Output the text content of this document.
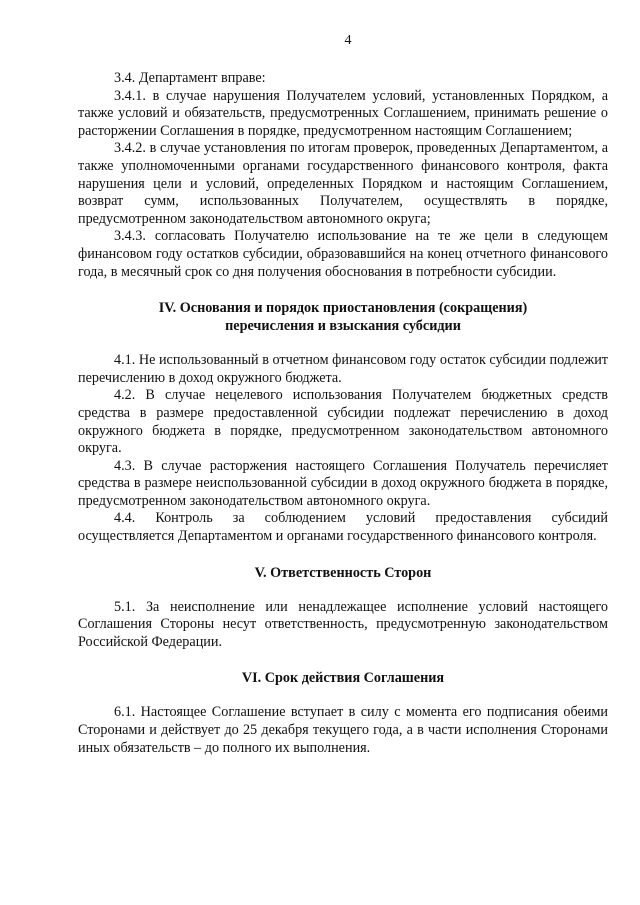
4

3.4. Департамент вправе:

3.4.1. в случае нарушения Получателем условий, установленных Порядком, а также условий и обязательств, предусмотренных Соглашением, принимать решение о расторжении Соглашения в порядке, предусмотренном настоящим Соглашением;

3.4.2. в случае установления по итогам проверок, проведенных Департаментом, а также уполномоченными органами государственного финансового контроля, факта нарушения цели и условий, определенных Порядком и настоящим Соглашением, возврат сумм, использованных Получателем, осуществлять в порядке, предусмотренном законодательством автономного округа;

3.4.3. согласовать Получателю использование на те же цели в следующем финансовом году остатков субсидии, образовавшийся на конец отчетного финансового года, в месячный срок со дня получения обоснования в потребности субсидии.

IV. Основания и порядок приостановления (сокращения)
перечисления и взыскания субсидии

4.1. Не использованный в отчетном финансовом году остаток субсидии подлежит перечислению в доход окружного бюджета.

4.2. В случае нецелевого использования Получателем бюджетных средств средства в размере предоставленной субсидии подлежат перечислению в доход окружного бюджета в порядке, предусмотренном законодательством автономного округа.

4.3. В случае расторжения настоящего Соглашения Получатель перечисляет средства в размере неиспользованной субсидии в доход окружного бюджета в порядке, предусмотренном законодательством автономного округа.

4.4. Контроль за соблюдением условий предоставления субсидий осуществляется Департаментом и органами государственного финансового контроля.

V. Ответственность Сторон

5.1. За неисполнение или ненадлежащее исполнение условий настоящего Соглашения Стороны несут ответственность, предусмотренную законодательством Российской Федерации.

VI. Срок действия Соглашения

6.1. Настоящее Соглашение вступает в силу с момента его подписания обеими Сторонами и действует до 25 декабря текущего года, а в части исполнения Сторонами иных обязательств – до полного их выполнения.
